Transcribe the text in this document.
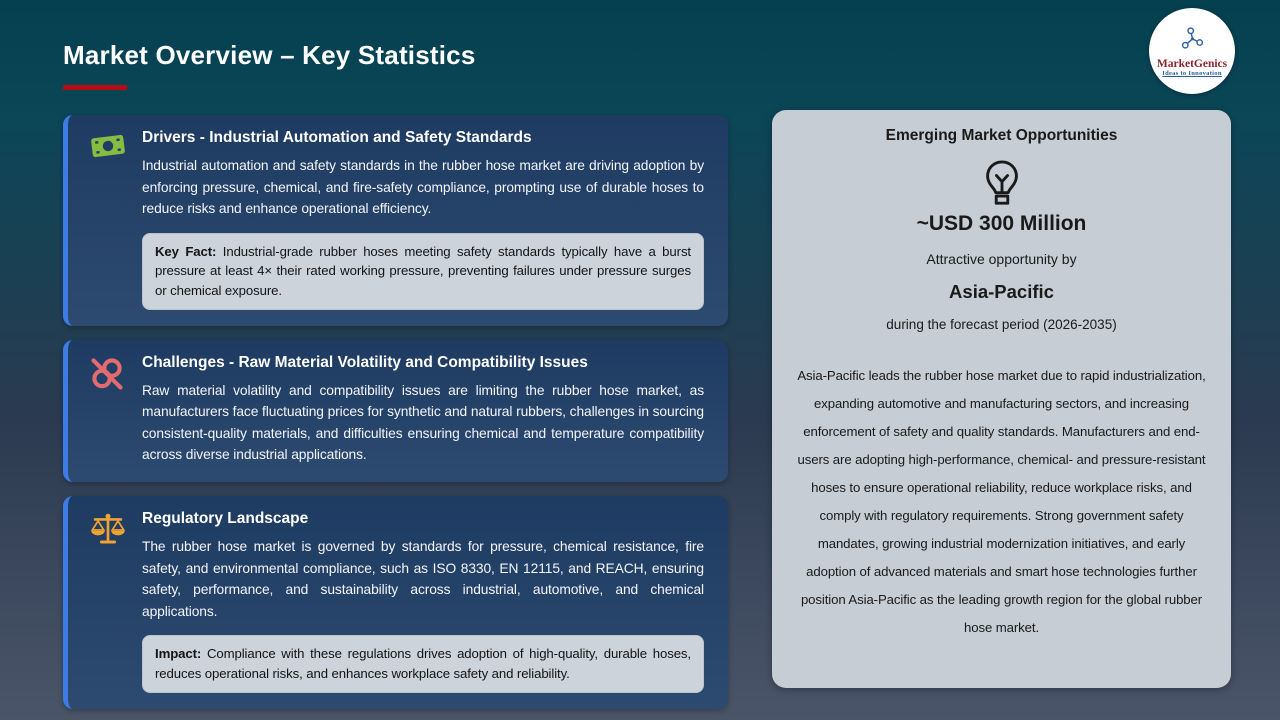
Market Overview – Key Statistics	MarketGenics
Ideas to Innovation
Drivers - Industrial Automation and Safety Standards

Industrial automation and safety standards in the rubber hose market are driving adoption by enforcing pressure, chemical, and fire-safety compliance, prompting use of durable hoses to reduce risks and enhance operational efficiency.

Key Fact: Industrial-grade rubber hoses meeting safety standards typically have a burst pressure at least 4× their rated working pressure, preventing failures under pressure surges or chemical exposure.
Challenges - Raw Material Volatility and Compatibility Issues

Raw material volatility and compatibility issues are limiting the rubber hose market, as manufacturers face fluctuating prices for synthetic and natural rubbers, challenges in sourcing consistent-quality materials, and difficulties ensuring chemical and temperature compatibility across diverse industrial applications.

Regulatory Landscape

The rubber hose market is governed by standards for pressure, chemical resistance, fire safety, and environmental compliance, such as ISO 8330, EN 12115, and REACH, ensuring safety, performance, and sustainability across industrial, automotive, and chemical applications.

Impact: Compliance with these regulations drives adoption of high-quality, durable hoses, reduces operational risks, and enhances workplace safety and reliability.
Emerging Market Opportunities
~USD 300 Million
Attractive opportunity by
Asia-Pacific
during the forecast period (2026-2035)

Asia-Pacific leads the rubber hose market due to rapid industrialization, expanding automotive and manufacturing sectors, and increasing enforcement of safety and quality standards. Manufacturers and end-users are adopting high-performance, chemical- and pressure-resistant hoses to ensure operational reliability, reduce workplace risks, and comply with regulatory requirements. Strong government safety mandates, growing industrial modernization initiatives, and early adoption of advanced materials and smart hose technologies further position Asia-Pacific as the leading growth region for the global rubber hose market.
